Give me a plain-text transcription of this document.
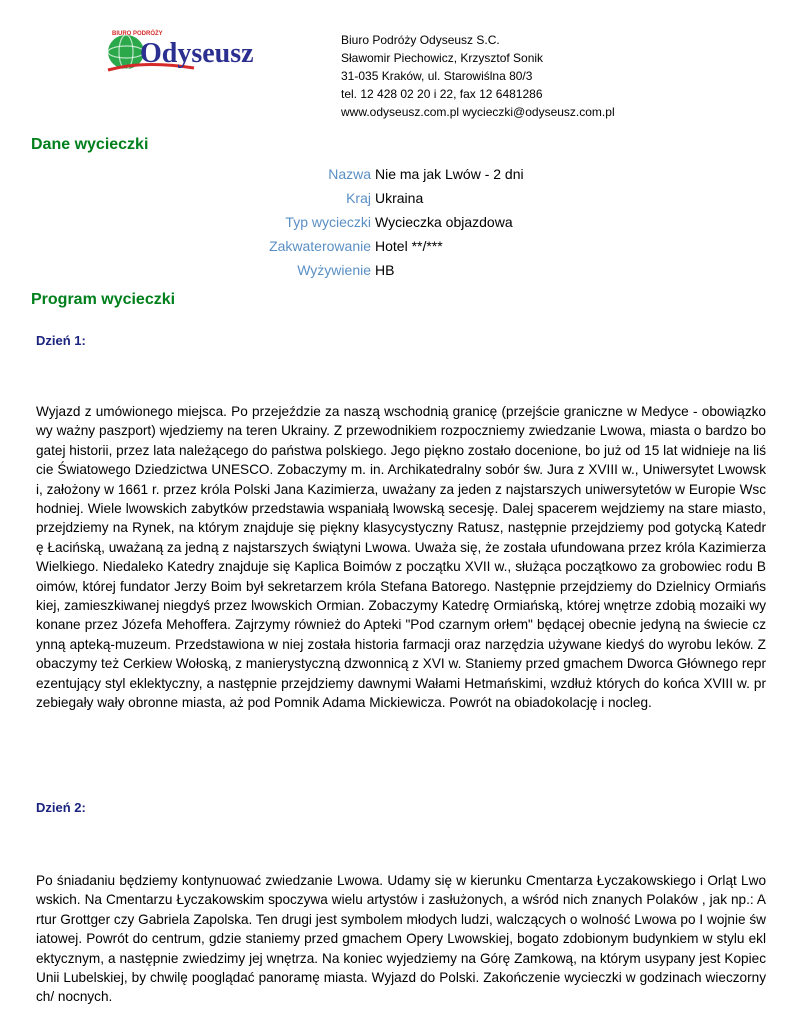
BIURO PODRÓŻY
Odyseusz	Biuro Podróży Odyseusz S.C.
Sławomir Piechowicz, Krzysztof Sonik
31-035 Kraków, ul. Starowiślna 80/3
tel. 12 428 02 20 i 22, fax 12 6481286
www.odyseusz.com.pl wycieczki@odyseusz.com.pl
Dane wycieczki
Nazwa Nie ma jak Lwów - 2 dni
Kraj Ukraina
Typ wycieczki Wycieczka objazdowa
Zakwaterowanie Hotel **/***
Wyżywienie HB
Program wycieczki
Dzień 1:
Wyjazd z umówionego miejsca. Po przejeździe za naszą wschodnią granicę (przejście graniczne w Medyce - obowiązkowy ważny paszport) wjedziemy na teren Ukrainy. Z przewodnikiem rozpoczniemy zwiedzanie Lwowa, miasta o bardzo bogatej historii, przez lata należącego do państwa polskiego. Jego piękno zostało docenione, bo już od 15 lat widnieje na liście Światowego Dziedzictwa UNESCO. Zobaczymy m. in. Archikatedralny sobór św. Jura z XVIII w., Uniwersytet Lwowski, założony w 1661 r. przez króla Polski Jana Kazimierza, uważany za jeden z najstarszych uniwersytetów w Europie Wschodniej. Wiele lwowskich zabytków przedstawia wspaniałą lwowską secesję. Dalej spacerem wejdziemy na stare miasto, przejdziemy na Rynek, na którym znajduje się piękny klasycystyczny Ratusz, następnie przejdziemy pod gotycką Katedrę Łacińską, uważaną za jedną z najstarszych świątyni Lwowa. Uważa się, że została ufundowana przez króla Kazimierza Wielkiego. Niedaleko Katedry znajduje się Kaplica Boimów z początku XVII w., służąca początkowo za grobowiec rodu Boimów, której fundator Jerzy Boim był sekretarzem króla Stefana Batorego. Następnie przejdziemy do Dzielnicy Ormiańskiej, zamieszkiwanej niegdyś przez lwowskich Ormian. Zobaczymy Katedrę Ormiańską, której wnętrze zdobią mozaiki wykonane przez Józefa Mehoffera. Zajrzymy również do Apteki "Pod czarnym orłem" będącej obecnie jedyną na świecie czynną apteką-muzeum. Przedstawiona w niej została historia farmacji oraz narzędzia używane kiedyś do wyrobu leków. Zobaczymy też Cerkiew Wołoską, z manierystyczną dzwonnicą z XVI w. Staniemy przed gmachem Dworca Głównego reprezentujący styl eklektyczny, a następnie przejdziemy dawnymi Wałami Hetmańskimi, wzdłuż których do końca XVIII w. przebiegały wały obronne miasta, aż pod Pomnik Adama Mickiewicza. Powrót na obiadokolację i nocleg.
Dzień 2:
Po śniadaniu będziemy kontynuować zwiedzanie Lwowa. Udamy się w kierunku Cmentarza Łyczakowskiego i Orląt Lwowskich. Na Cmentarzu Łyczakowskim spoczywa wielu artystów i zasłużonych, a wśród nich znanych Polaków , jak np.: Artur Grottger czy Gabriela Zapolska. Ten drugi jest symbolem młodych ludzi, walczących o wolność Lwowa po I wojnie światowej. Powrót do centrum, gdzie staniemy przed gmachem Opery Lwowskiej, bogato zdobionym budynkiem w stylu eklektycznym, a następnie zwiedzimy jej wnętrza. Na koniec wyjedziemy na Górę Zamkową, na którym usypany jest Kopiec Unii Lubelskiej, by chwilę pooglądać panoramę miasta. Wyjazd do Polski. Zakończenie wycieczki w godzinach wieczornych/ nocnych.
